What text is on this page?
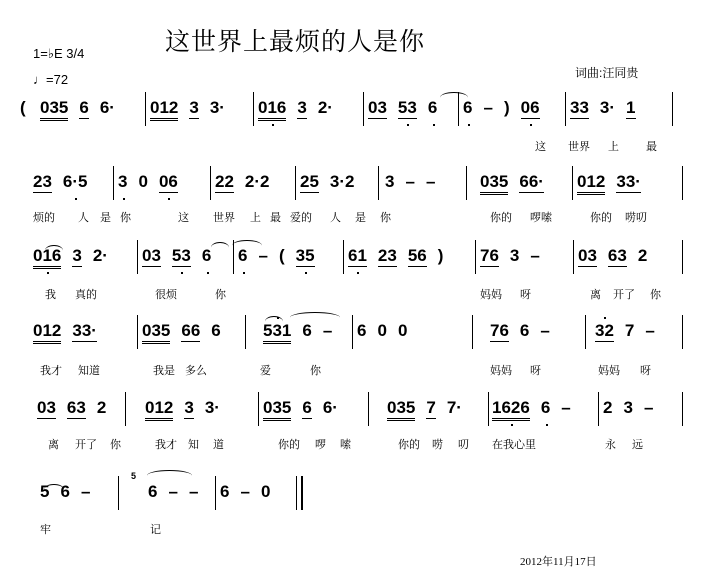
这世界上最烦的人是你
1=♭E 3/4
♩=72	词曲:汪同贵
2012年11月17日
( 035 6 6·	012 3 3·	016 3 2·	03 53 6	6 – ) 06	33 3· 1
这 世界 上 最
23 6·5	3 0 06	22 2·2	25 3·2	3 – –	035 66·	012 33·
烦的 人 是 你	这 世界 上 最 爱的 人 是 你	你的 啰嗦	你的 唠叨
016 3 2·	03 53 6	6 – ( 35	61 23 56 )	76 3 –	03 63 2
我 真的	很烦	你	妈妈 呀	离 开了 你
012 33·	035 66 6	531 6 –	6 0 0	76 6 –	32 7 –
我才 知道	我是 多么	爱	你	妈妈 呀	妈妈 呀
03 63 2	012 3 3·	035 6 6·	035 7 7·	1626 6 –	2 3 –
离 开了 你	我才 知 道	你的 啰 嗦	你的 唠 叨 在我心里	永 远
5 6 –	6 – –	6 – 0
5
牢	记
